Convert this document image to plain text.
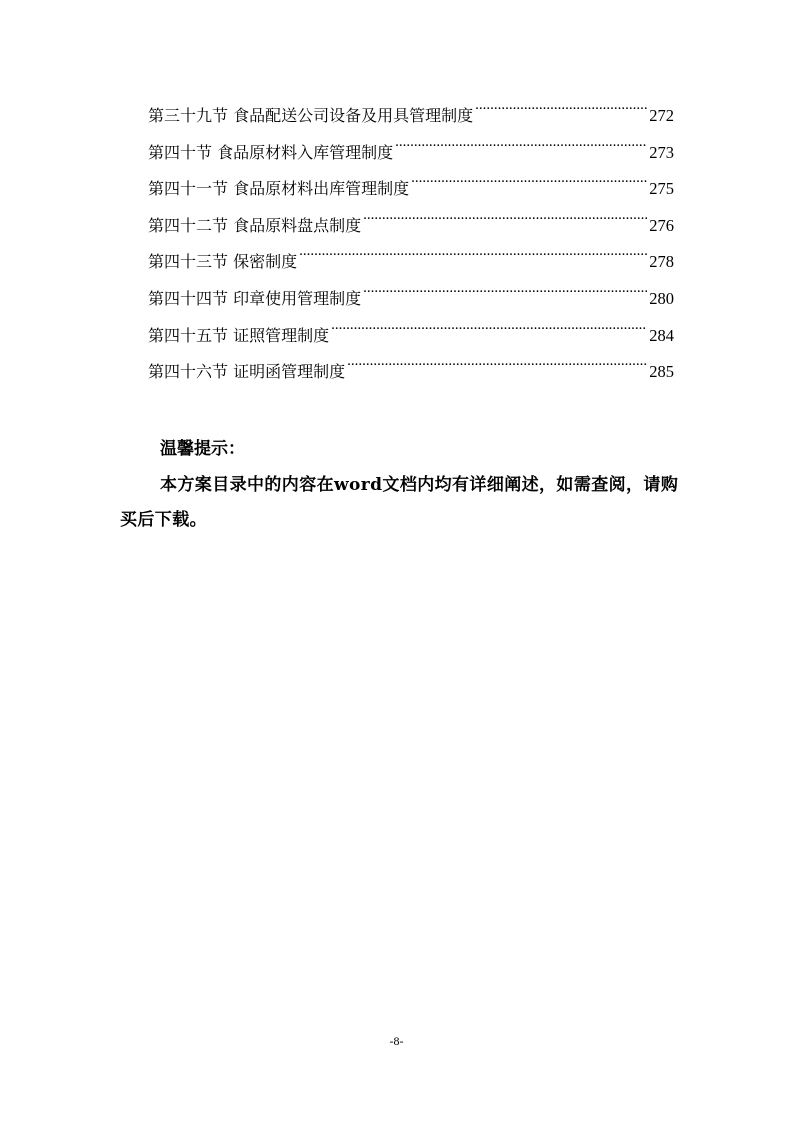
第三十九节 食品配送公司设备及用具管理制度 .....	272
第四十节 食品原材料入库管理制度 .....	273
第四十一节 食品原材料出库管理制度 .....	275
第四十二节 食品原料盘点制度 .....	276
第四十三节 保密制度 .....	278
第四十四节 印章使用管理制度 .....	280
第四十五节 证照管理制度 .....	284
第四十六节 证明函管理制度 .....	285
温馨提示：
本方案目录中的内容在word文档内均有详细阐述，如需查阅，请购买后下载。
-8-
